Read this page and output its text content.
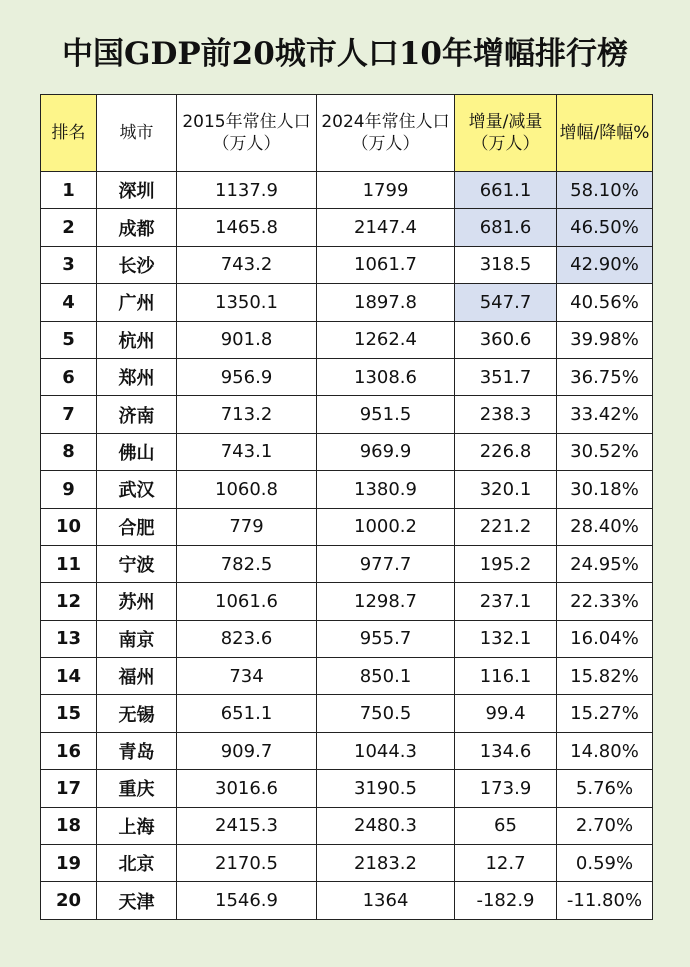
中国GDP前20城市人口10年增幅排行榜
排名	城市	2015年常住人口（万人）	2024年常住人口（万人）	增量/减量（万人）	增幅/降幅%
1	深圳	1137.9	1799	661.1	58.10%
2	成都	1465.8	2147.4	681.6	46.50%
3	长沙	743.2	1061.7	318.5	42.90%
4	广州	1350.1	1897.8	547.7	40.56%
5	杭州	901.8	1262.4	360.6	39.98%
6	郑州	956.9	1308.6	351.7	36.75%
7	济南	713.2	951.5	238.3	33.42%
8	佛山	743.1	969.9	226.8	30.52%
9	武汉	1060.8	1380.9	320.1	30.18%
10	合肥	779	1000.2	221.2	28.40%
11	宁波	782.5	977.7	195.2	24.95%
12	苏州	1061.6	1298.7	237.1	22.33%
13	南京	823.6	955.7	132.1	16.04%
14	福州	734	850.1	116.1	15.82%
15	无锡	651.1	750.5	99.4	15.27%
16	青岛	909.7	1044.3	134.6	14.80%
17	重庆	3016.6	3190.5	173.9	5.76%
18	上海	2415.3	2480.3	65	2.70%
19	北京	2170.5	2183.2	12.7	0.59%
20	天津	1546.9	1364	-182.9	-11.80%
